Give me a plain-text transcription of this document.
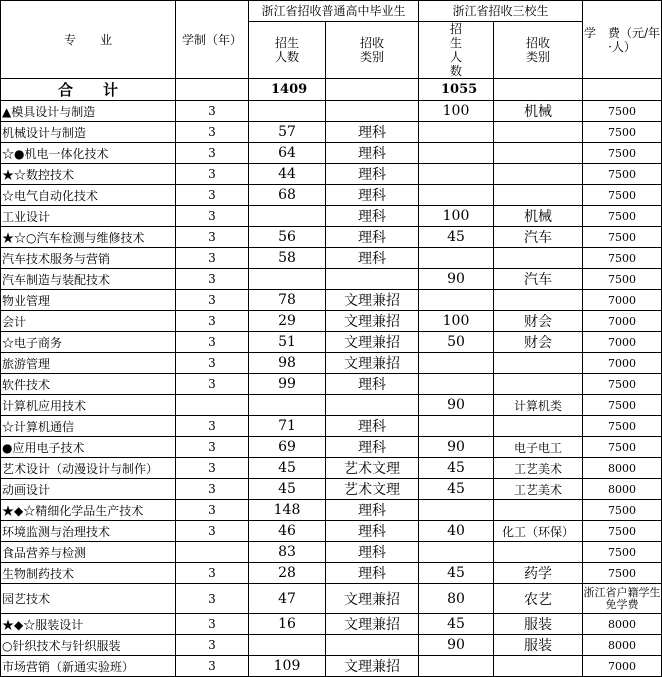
专　　业	学制（年）	浙江省招收普通高中毕业生		浙江省招收三校生		学　费（元/年·人）
		招生人数	招收类别	招生人数	招收类别	

合　　计		1409		1055		
▲模具设计与制造	3			100	机械	7500
机械设计与制造	3	57	理科			7500
☆●机电一体化技术	3	64	理科			7500
★☆数控技术	3	44	理科			7500
☆电气自动化技术	3	68	理科			7500
工业设计	3		理科	100	机械	7500
★☆○汽车检测与维修技术	3	56	理科	45	汽车	7500
汽车技术服务与营销	3	58	理科			7500
汽车制造与装配技术	3			90	汽车	7500
物业管理	3	78	文理兼招			7000
会计	3	29	文理兼招	100	财会	7000
☆电子商务	3	51	文理兼招	50	财会	7000
旅游管理	3	98	文理兼招			7000
软件技术	3	99	理科			7500
计算机应用技术				90	计算机类	7500
☆计算机通信	3	71	理科			7500
●应用电子技术	3	69	理科	90	电子电工	7500
艺术设计（动漫设计与制作）	3	45	艺术文理	45	工艺美术	8000
动画设计	3	45	艺术文理	45	工艺美术	8000
★◆☆精细化学品生产技术	3	148	理科			7500
环境监测与治理技术	3	46	理科	40	化工（环保）	7500
食品营养与检测		83	理科			7500
生物制药技术	3	28	理科	45	药学	7500
园艺技术	3	47	文理兼招	80	农艺	浙江省户籍学生免学费
★◆☆服装设计	3	16	文理兼招	45	服装	8000
○针织技术与针织服装	3			90	服装	8000
市场营销（新通实验班）	3	109	文理兼招			7000
